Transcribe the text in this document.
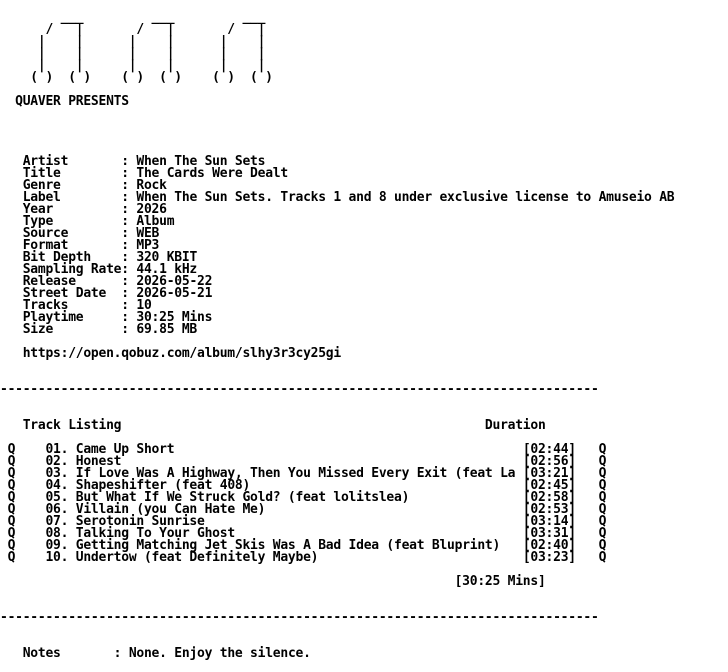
___         ___         ___
/   |       /   |       /   |
|    |      |    |      |    |
|    |      |    |      |    |
|    |      |    |      |    |
( )  ( )    ( )  ( )    ( )  ( )
QUAVER PRESENTS
Artist       : When The Sun Sets
Title        : The Cards Were Dealt
Genre        : Rock
Label        : When The Sun Sets. Tracks 1 and 8 under exclusive license to Amuseio AB
Year         : 2026
Type         : Album
Source       : WEB
Format       : MP3
Bit Depth    : 320 KBIT
Sampling Rate: 44.1 kHz
Release      : 2026-05-22
Street Date  : 2026-05-21
Tracks       : 10
Playtime     : 30:25 Mins
Size         : 69.85 MB
https://open.qobuz.com/album/slhy3r3cy25gi
-------------------------------------------------------------------------------
Track Listing	Duration
Q 01. Came Up Short	[02:44] Q
Q 02. Honest	[02:56] Q
Q 03. If Love Was A Highway, Then You Missed Every Exit (feat La [03:21] Q
Q 04. Shapeshifter (feat 408)	[02:45] Q
Q 05. But What If We Struck Gold? (feat lolitslea)	[02:58] Q
Q 06. Villain (you Can Hate Me)	[02:53] Q
Q 07. Serotonin Sunrise	[03:14] Q
Q 08. Talking To Your Ghost	[03:31] Q
Q 09. Getting Matching Jet Skis Was A Bad Idea (feat Bluprint) [02:40] Q
Q 10. Undertow (feat Definitely Maybe)	[03:23] Q
[30:25 Mins]
-------------------------------------------------------------------------------
Notes       : None. Enjoy the silence.
